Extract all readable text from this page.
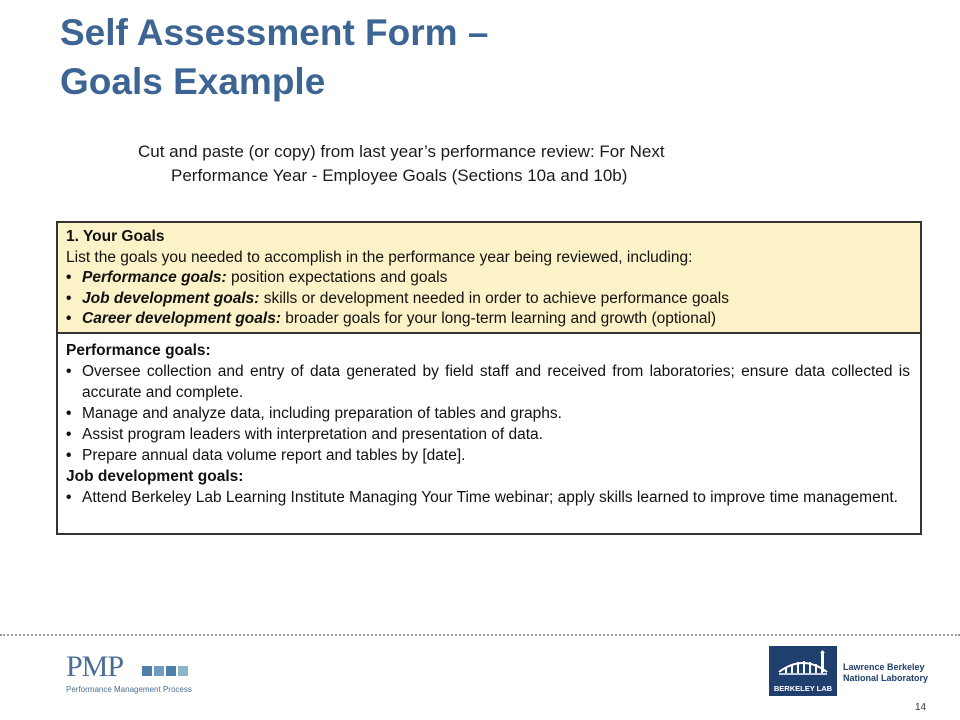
Self Assessment Form –
Goals Example
Cut and paste (or copy) from last year’s performance review: For Next
Performance Year - Employee Goals (Sections 10a and 10b)
1. Your Goals
List the goals you needed to accomplish in the performance year being reviewed, including:
• Performance goals: position expectations and goals
• Job development goals: skills or development needed in order to achieve performance goals
• Career development goals: broader goals for your long-term learning and growth (optional)
Performance goals:
• Oversee collection and entry of data generated by field staff and received from laboratories; ensure data collected is accurate and complete.
• Manage and analyze data, including preparation of tables and graphs.
• Assist program leaders with interpretation and presentation of data.
• Prepare annual data volume report and tables by [date].
Job development goals:
• Attend Berkeley Lab Learning Institute Managing Your Time webinar; apply skills learned to improve time management.
PMP
Performance Management Process	BERKELEY LAB
Lawrence Berkeley
National Laboratory
14
